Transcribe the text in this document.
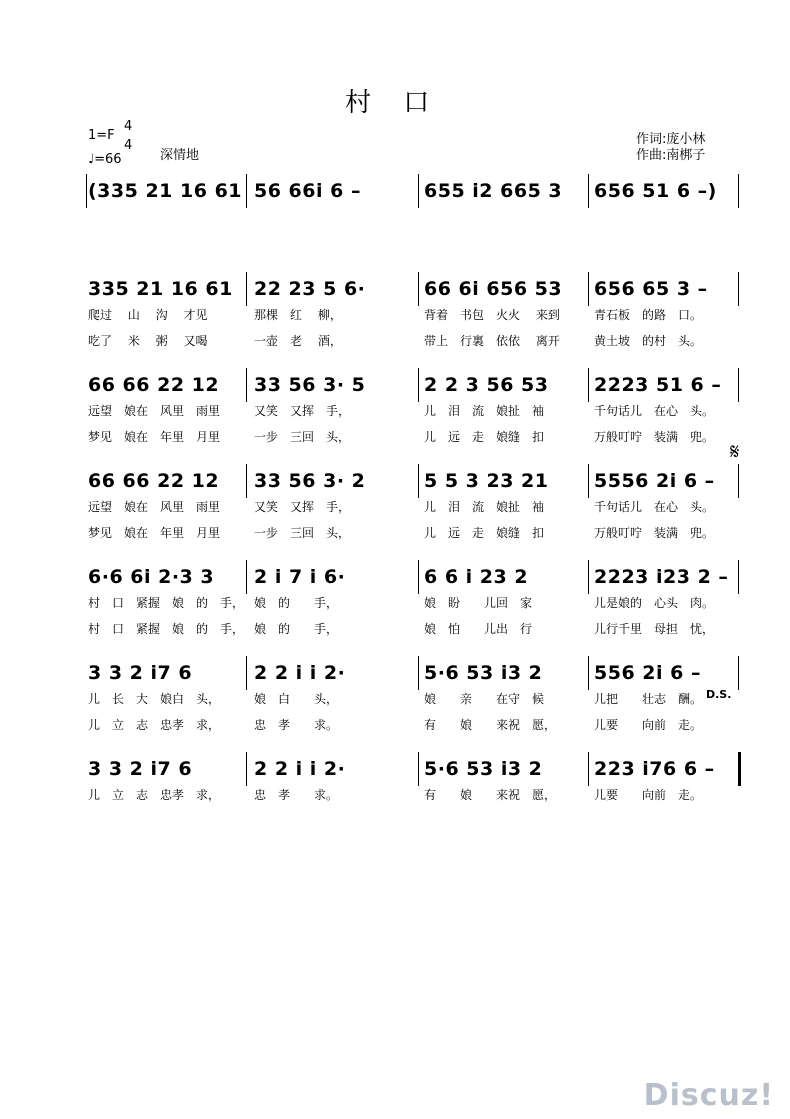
村 口
1=F
4
4
♩=66	深情地
作词:庞小林
作曲:南梆子
(335 21 16 61 56 66i 6 –	655 i2 665 3 656 51 6 –)
335 21 16 61
爬过　 山　 沟　 才见
吃了　 米　 粥　 又喝
22 23 5 6·
那棵　红　 柳，
一壶　老　 酒，
66 6i 656 53
背着　书包　火火　 来到
带上　行裏　依依　 离开
656 65 3 –
青石板　的路　口。
黄土坡　的村　头。
66 66 22 12
远望　娘在　风里　雨里
梦见　娘在　年里　月里
33 56 3· 5
又笑　又挥　手，
一步　三回　头，
2 2 3 56 53
儿　泪　流　娘扯　袖
儿　远　走　娘缝　扣
2223 51 6 –
千句话儿　在心　头。
万般叮咛　装满　兜。
66 66 22 12
远望　娘在　风里　雨里
梦见　娘在　年里　月里
33 56 3· 2
又笑　又挥　手，
一步　三回　头，
5 5 3 23 21
儿　泪　流　娘扯　袖
儿　远　走　娘缝　扣
5556 2i 6 –
千句话儿　在心　头。
万般叮咛　装满　兜。
6·6 6i 2·3 3
村　口　紧握　娘　的　手，
村　口　紧握　娘　的　手，
2 i 7 i 6·
娘　的　　手，
娘　的　　手，
6 6 i 23 2
娘　盼　　儿回　家
娘　怕　　儿出　行
2223 i23 2 –
儿是娘的　心头　肉。
儿行千里　母担　忧，
3 3 2 i7 6
儿　长　大　娘白　头，
儿　立　志　忠孝　求，
2 2 i i 2·
娘　白　　头，
忠　孝　　求。
5·6 53 i3 2
娘　　亲　　在守　候
有　　娘　　来祝　愿，
556 2i 6 –
儿把　　壮志　酬。
儿要　　向前　走。
3 3 2 i7 6
儿　立　志　忠孝　求，
2 2 i i 2·
忠　孝　　求。
5·6 53 i3 2
有　　娘　　来祝　愿，
223 i76 6 –
儿要　　向前　走。
𝄋
D.S.
Discuz!
